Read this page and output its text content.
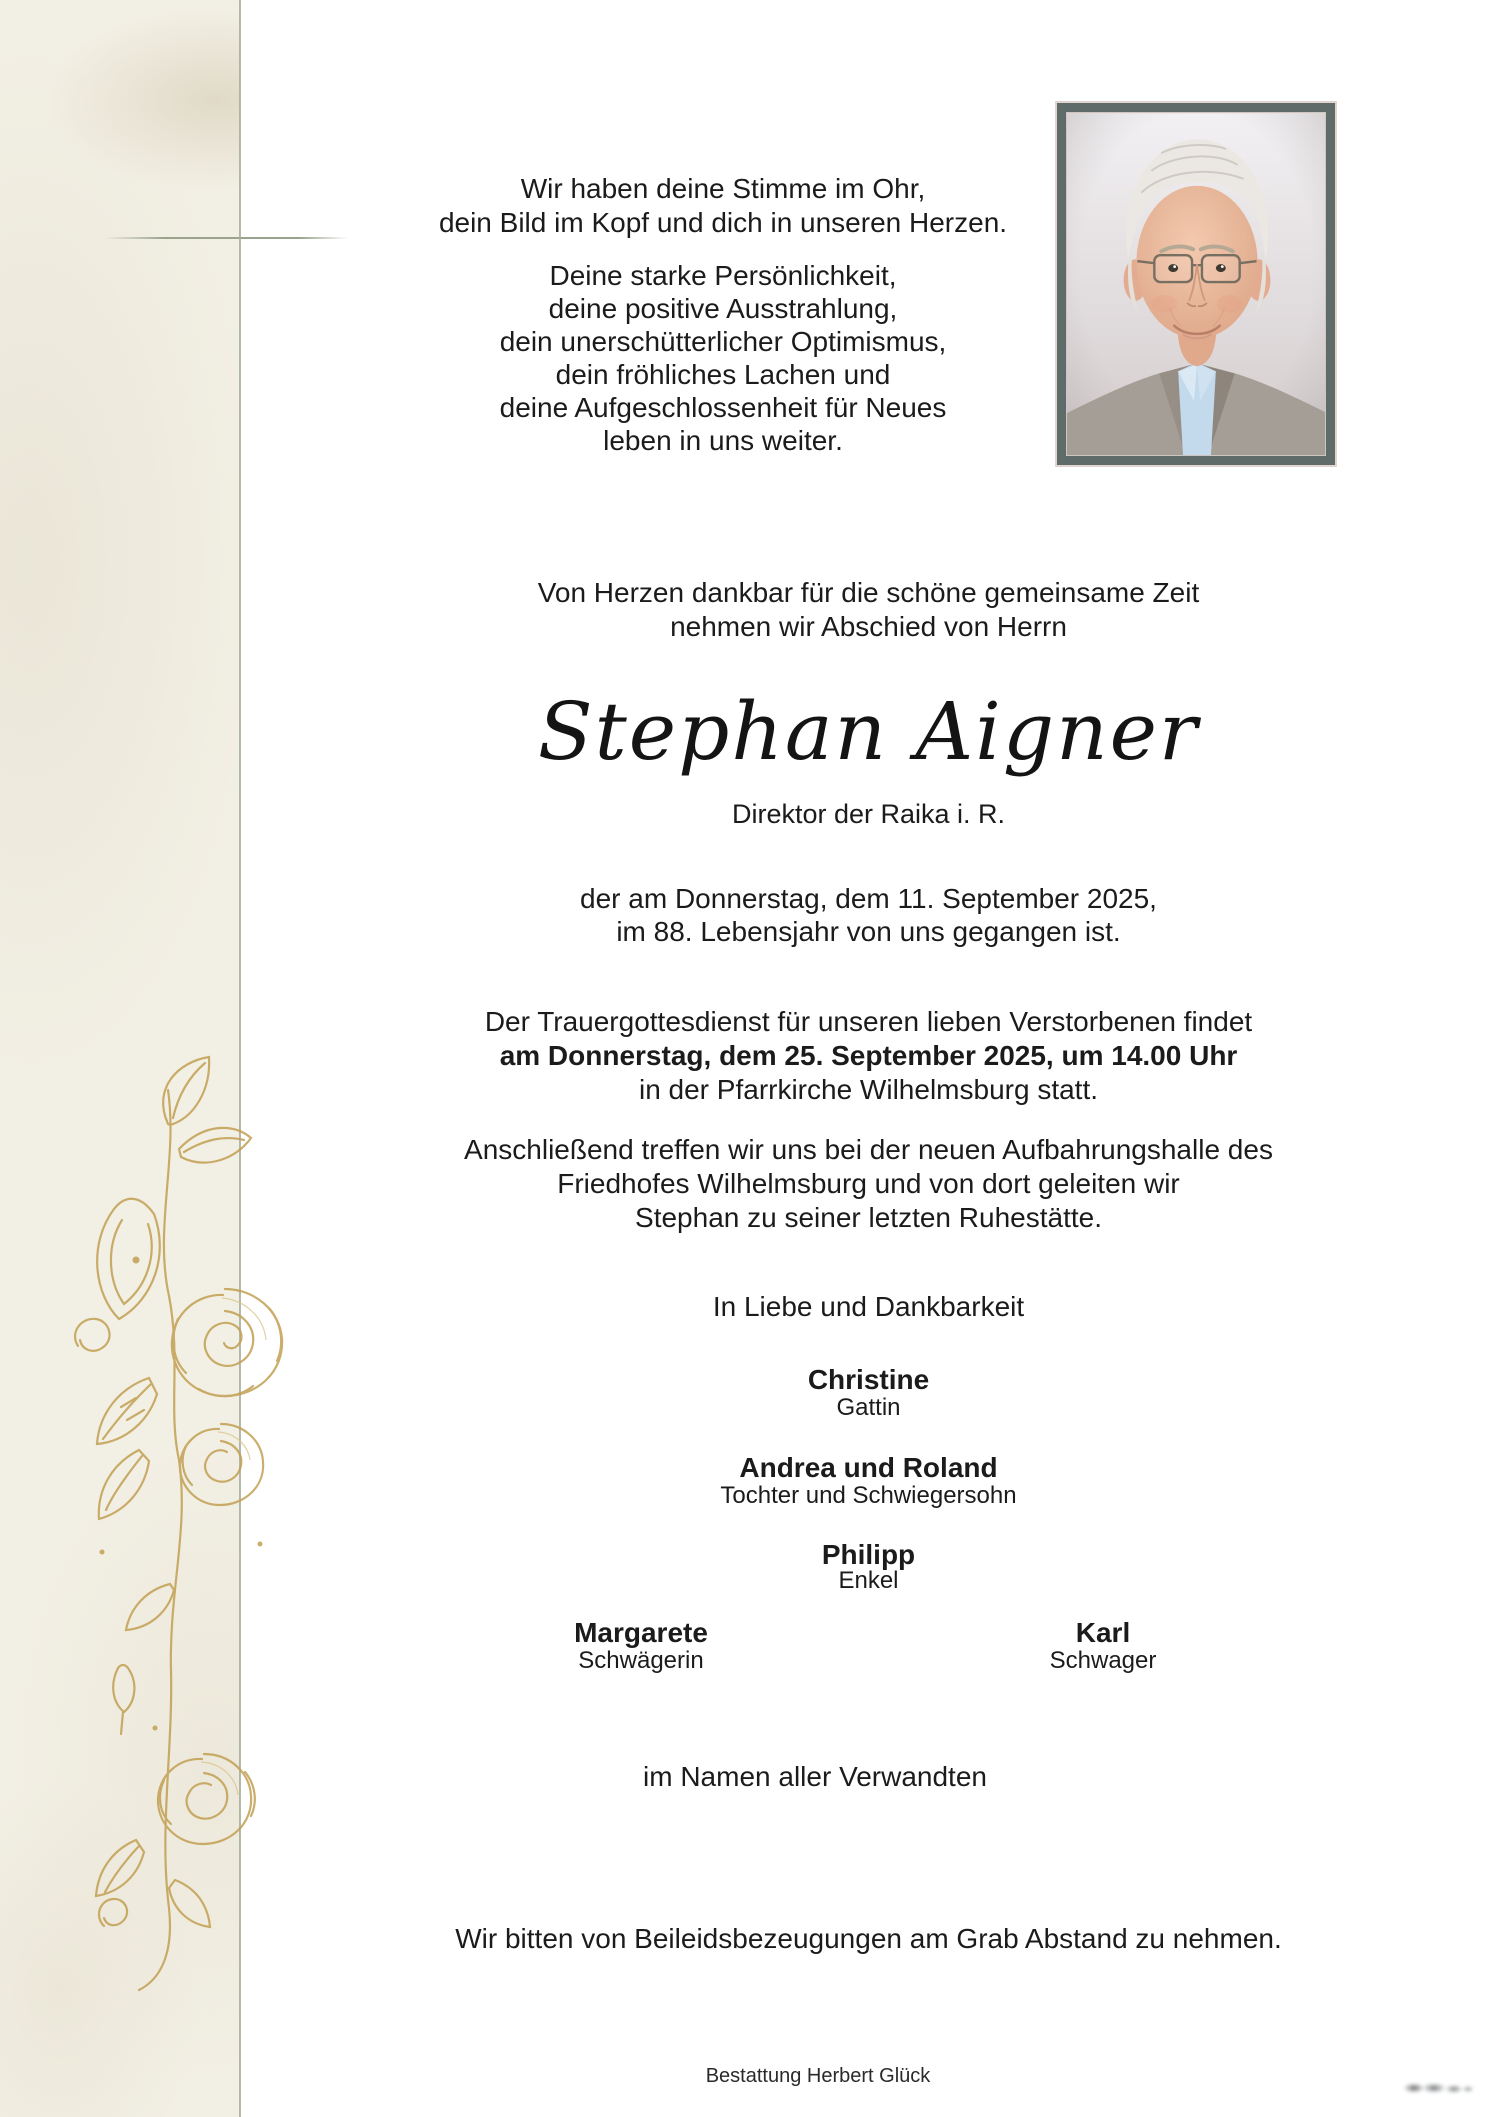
Wir haben deine Stimme im Ohr,
dein Bild im Kopf und dich in unseren Herzen.
Deine starke Persönlichkeit,
deine positive Ausstrahlung,
dein unerschütterlicher Optimismus,
dein fröhliches Lachen und
deine Aufgeschlossenheit für Neues
leben in uns weiter.
Von Herzen dankbar für die schöne gemeinsame Zeit
nehmen wir Abschied von Herrn
Stephan Aigner
Direktor der Raika i. R.
der am Donnerstag, dem 11. September 2025,
im 88. Lebensjahr von uns gegangen ist.
Der Trauergottesdienst für unseren lieben Verstorbenen findet
am Donnerstag, dem 25. September 2025, um 14.00 Uhr
in der Pfarrkirche Wilhelmsburg statt.
Anschließend treffen wir uns bei der neuen Aufbahrungshalle des
Friedhofes Wilhelmsburg und von dort geleiten wir
Stephan zu seiner letzten Ruhestätte.
In Liebe und Dankbarkeit
Christine
Gattin
Andrea und Roland
Tochter und Schwiegersohn
Philipp
Enkel
Margarete
Schwägerin
Karl
Schwager
im Namen aller Verwandten
Wir bitten von Beileidsbezeugungen am Grab Abstand zu nehmen.
Bestattung Herbert Glück
